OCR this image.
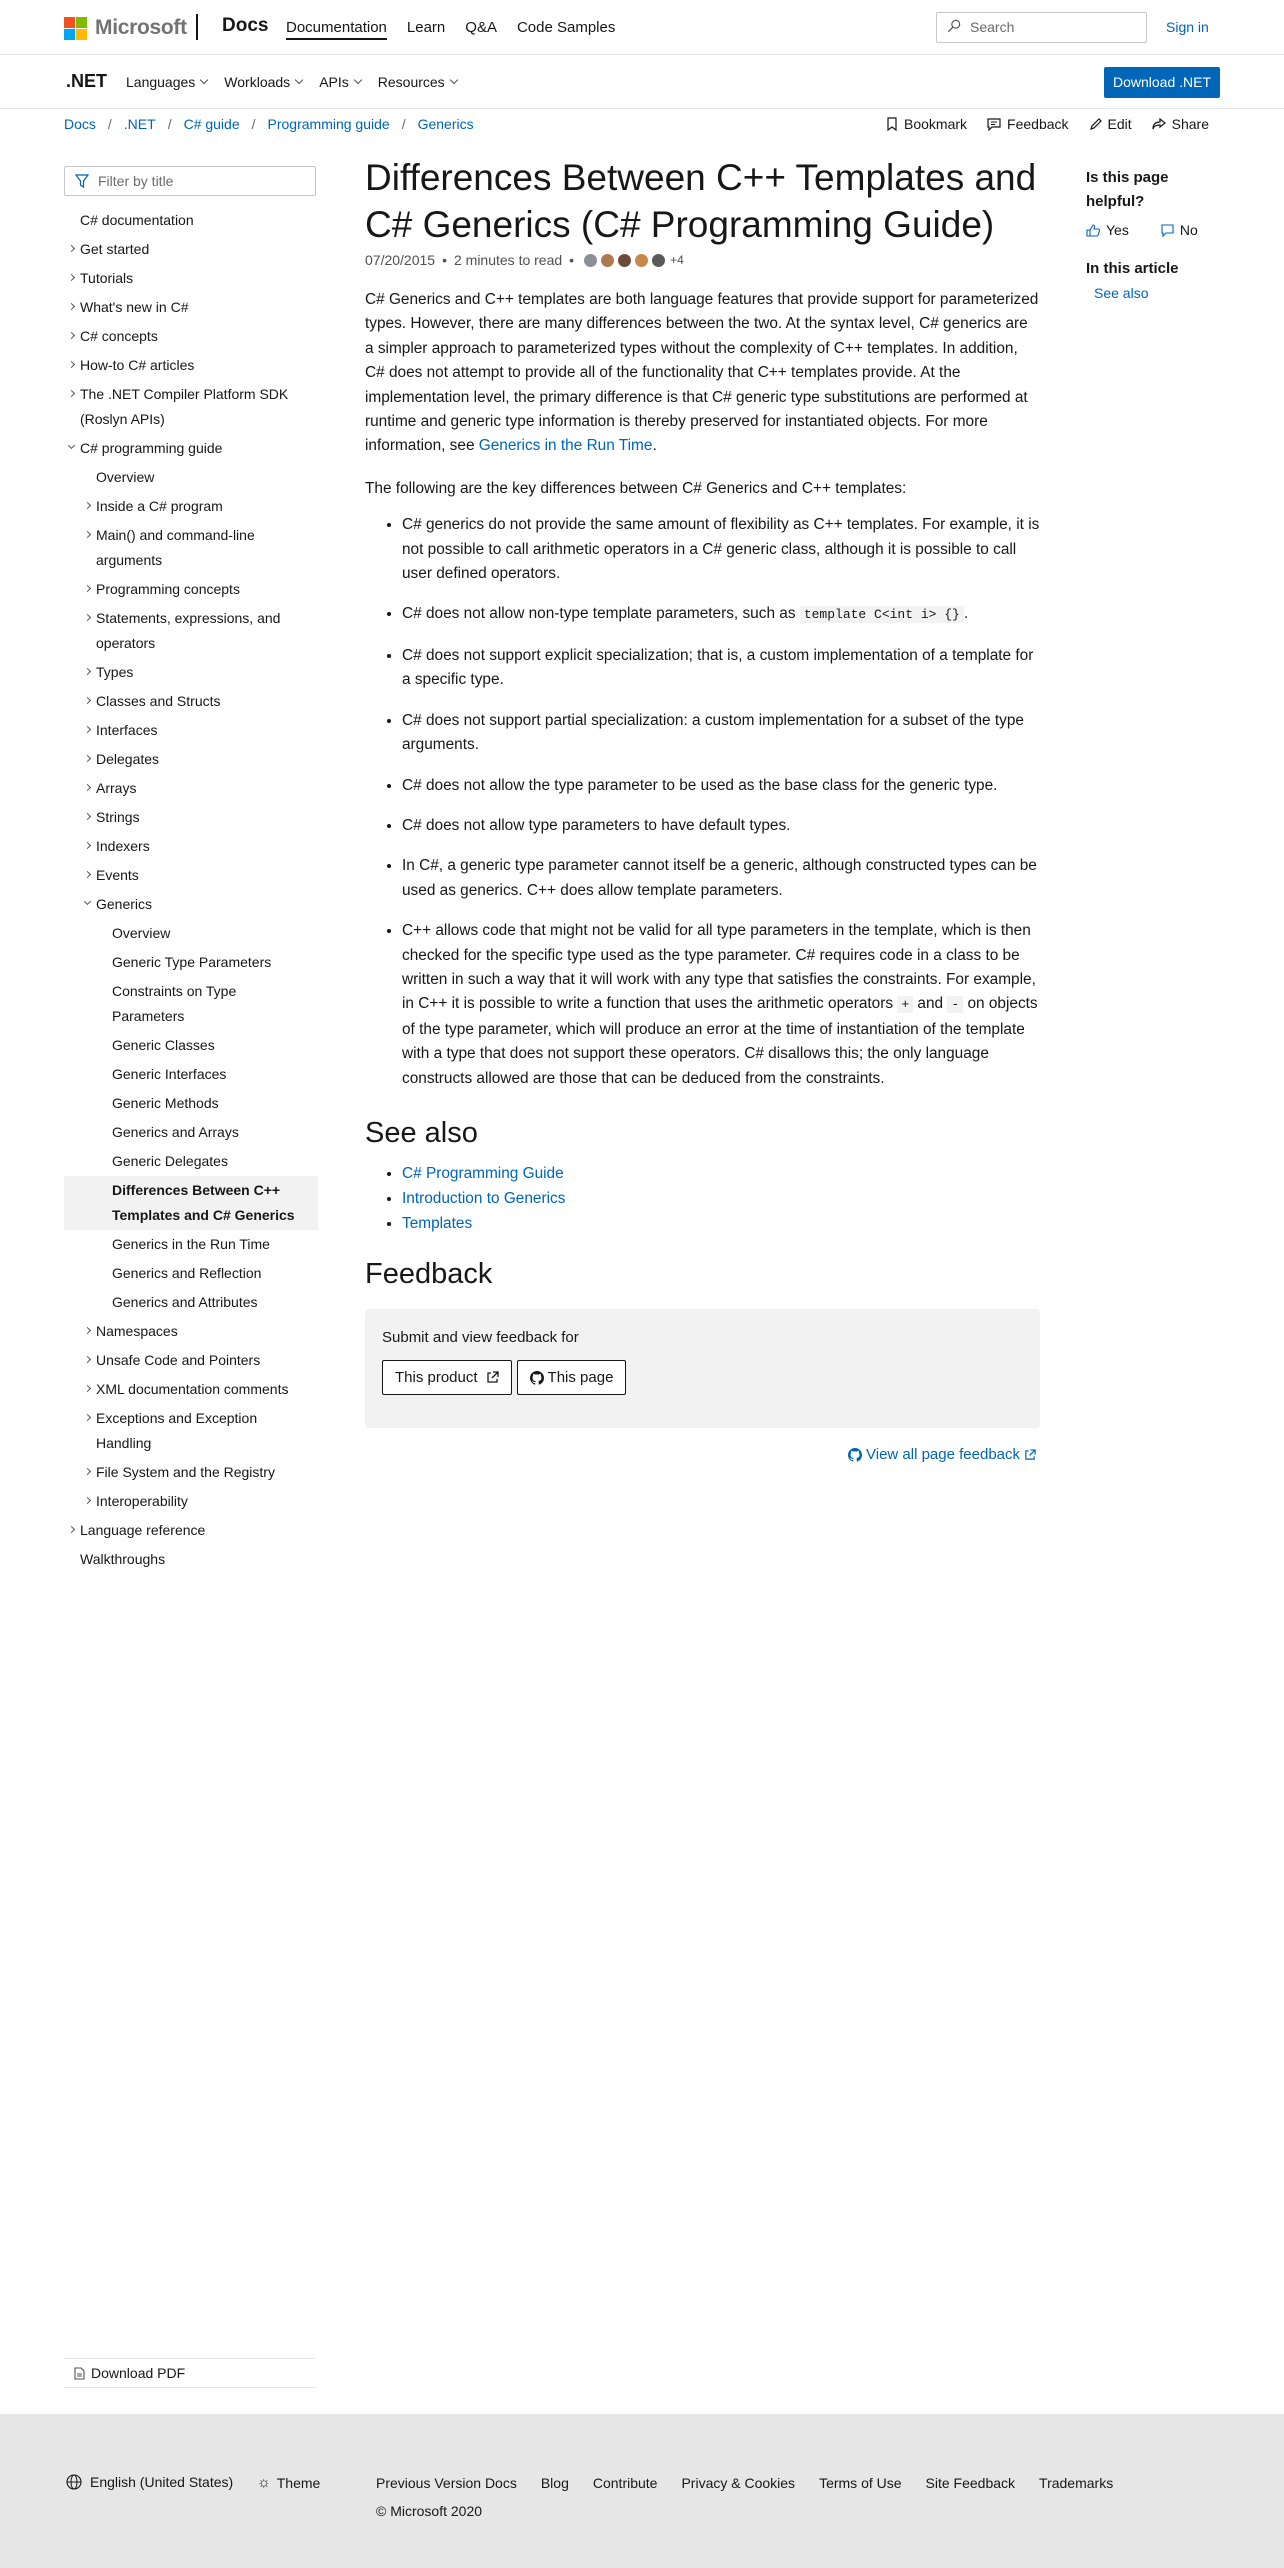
Microsoft Docs Documentation Learn Q&A Code Samples	Search	Sign in
.NET Languages Workloads APIs Resources	Download .NET
Docs / .NET / C# guide / Programming guide / Generics	Bookmark	Feedback	Edit	Share
Filter by title
C# documentation
Get started
Tutorials
What's new in C#
C# concepts
How-to C# articles
The .NET Compiler Platform SDK (Roslyn APIs)
C# programming guide
Overview
Inside a C# program
Main() and command-line arguments
Programming concepts
Statements, expressions, and operators
Types
Classes and Structs
Interfaces
Delegates
Arrays
Strings
Indexers
Events
Generics
Overview
Generic Type Parameters
Constraints on Type Parameters
Generic Classes
Generic Interfaces
Generic Methods
Generics and Arrays
Generic Delegates
Differences Between C++ Templates and C# Generics
Generics in the Run Time
Generics and Reflection
Generics and Attributes
Namespaces
Unsafe Code and Pointers
XML documentation comments
Exceptions and Exception Handling
File System and the Registry
Interoperability
Language reference
Walkthroughs
Download PDF
Differences Between C++ Templates and C# Generics (C# Programming Guide)
07/20/2015 • 2 minutes to read •	+4

C# Generics and C++ templates are both language features that provide support for parameterized types. However, there are many differences between the two. At the syntax level, C# generics are a simpler approach to parameterized types without the complexity of C++ templates. In addition, C# does not attempt to provide all of the functionality that C++ templates provide. At the implementation level, the primary difference is that C# generic type substitutions are performed at runtime and generic type information is thereby preserved for instantiated objects. For more information, see Generics in the Run Time.

The following are the key differences between C# Generics and C++ templates:

• C# generics do not provide the same amount of flexibility as C++ templates. For example, it is not possible to call arithmetic operators in a C# generic class, although it is possible to call user defined operators.
• C# does not allow non-type template parameters, such as template C<int i> {} .
• C# does not support explicit specialization; that is, a custom implementation of a template for a specific type.
• C# does not support partial specialization: a custom implementation for a subset of the type arguments.
• C# does not allow the type parameter to be used as the base class for the generic type.
• C# does not allow type parameters to have default types.
• In C#, a generic type parameter cannot itself be a generic, although constructed types can be used as generics. C++ does allow template parameters.
• C++ allows code that might not be valid for all type parameters in the template, which is then checked for the specific type used as the type parameter. C# requires code in a class to be written in such a way that it will work with any type that satisfies the constraints. For example, in C++ it is possible to write a function that uses the arithmetic operators + and - on objects of the type parameter, which will produce an error at the time of instantiation of the template with a type that does not support these operators. C# disallows this; the only language constructs allowed are those that can be deduced from the constraints.
See also
• C# Programming Guide
• Introduction to Generics
• Templates
Feedback
Submit and view feedback for
This product	This page
View all page feedback
Is this page helpful?
Yes	No
In this article
See also
English (United States) ☼ Theme	Previous Version Docs Blog Contribute Privacy & Cookies Terms of Use Site Feedback Trademarks
© Microsoft 2020
